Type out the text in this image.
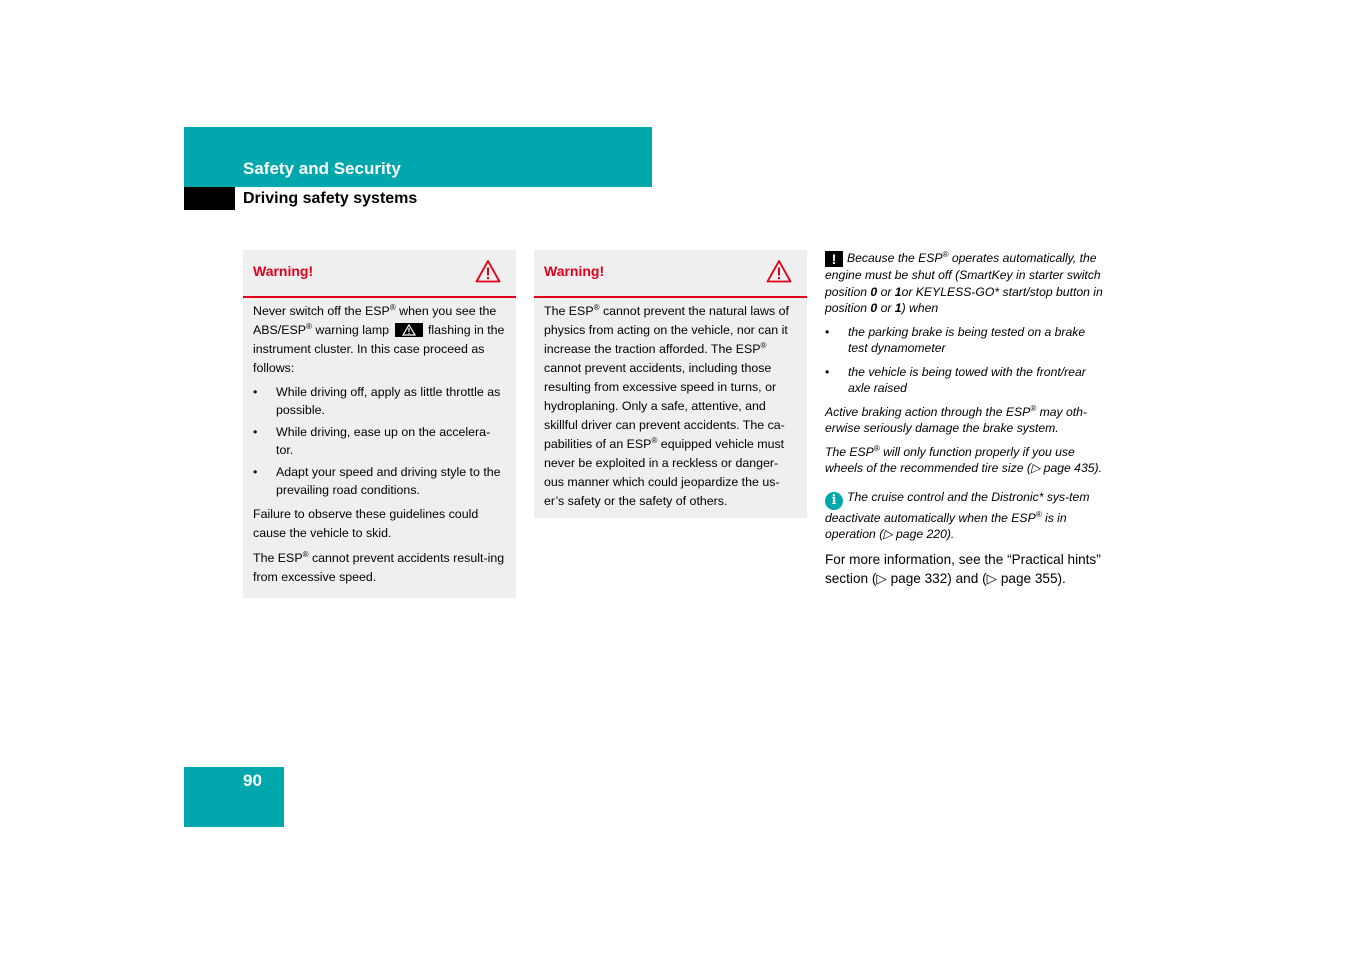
Safety and Security
Driving safety systems
Warning!

Never switch off the ESP® when you see the ABS/ESP® warning lamp	flashing in the instrument cluster. In this case proceed as follows:

• While driving off, apply as little throttle as possible.
• While driving, ease up on the accelera-tor.
• Adapt your speed and driving style to the prevailing road conditions.

Failure to observe these guidelines could cause the vehicle to skid.

The ESP® cannot prevent accidents result-ing from excessive speed.

Warning!

The ESP® cannot prevent the natural laws of physics from acting on the vehicle, nor can it increase the traction afforded. The ESP® cannot prevent accidents, including those resulting from excessive speed in turns, or hydroplaning. Only a safe, attentive, and skillful driver can prevent accidents. The ca-pabilities of an ESP® equipped vehicle must never be exploited in a reckless or danger-ous manner which could jeopardize the us-er’s safety or the safety of others.

! Because the ESP® operates automatically, the engine must be shut off (SmartKey in starter switch position 0 or 1or KEYLESS-GO* start/stop button in position 0 or 1) when

• the parking brake is being tested on a brake test dynamometer
• the vehicle is being towed with the front/rear axle raised

Active braking action through the ESP® may oth-erwise seriously damage the brake system.

The ESP® will only function properly if you use wheels of the recommended tire size (▷ page 435).

i The cruise control and the Distronic* sys-tem deactivate automatically when the ESP® is in operation (▷ page 220).

For more information, see the “Practical hints” section (▷ page 332) and (▷ page 355).

90
